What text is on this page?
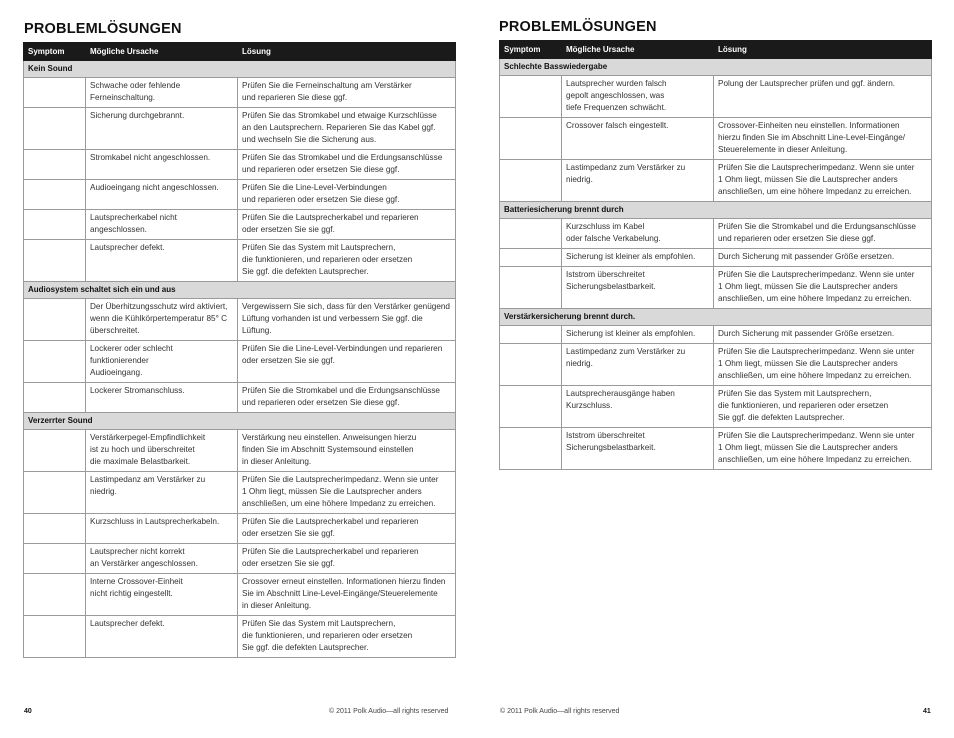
PROBLEMLÖSUNGEN
Symptom	Mögliche Ursache	Lösung
Kein Sound		
	Schwache oder fehlende
Ferneinschaltung.	Prüfen Sie die Ferneinschaltung am Verstärker
und reparieren Sie diese ggf.
	Sicherung durchgebrannt.	Prüfen Sie das Stromkabel und etwaige Kurzschlüsse
an den Lautsprechern. Reparieren Sie das Kabel ggf.
und wechseln Sie die Sicherung aus.
	Stromkabel nicht angeschlossen.	Prüfen Sie das Stromkabel und die Erdungsanschlüsse
und reparieren oder ersetzen Sie diese ggf.
	Audioeingang nicht angeschlossen.	Prüfen Sie die Line-Level-Verbindungen
und reparieren oder ersetzen Sie diese ggf.
	Lautsprecherkabel nicht angeschlossen.	Prüfen Sie die Lautsprecherkabel und reparieren
oder ersetzen Sie sie ggf.
	Lautsprecher defekt.	Prüfen Sie das System mit Lautsprechern,
die funktionieren, und reparieren oder ersetzen
Sie ggf. die defekten Lautsprecher.
Audiosystem schaltet sich ein und aus		
	Der Überhitzungsschutz wird aktiviert,
wenn die Kühlkörpertemperatur 85° C
überschreitet.	Vergewissern Sie sich, dass für den Verstärker genügend
Lüftung vorhanden ist und verbessern Sie ggf. die Lüftung.
	Lockerer oder schlecht funktionierender
Audioeingang.	Prüfen Sie die Line-Level-Verbindungen und reparieren
oder ersetzen Sie sie ggf.
	Lockerer Stromanschluss.	Prüfen Sie die Stromkabel und die Erdungsanschlüsse
und reparieren oder ersetzen Sie diese ggf.
Verzerrter Sound		
	Verstärkerpegel-Empfindlichkeit
ist zu hoch und überschreitet
die maximale Belastbarkeit.	Verstärkung neu einstellen. Anweisungen hierzu
finden Sie im Abschnitt Systemsound einstellen
in dieser Anleitung.
	Lastimpedanz am Verstärker zu niedrig.	Prüfen Sie die Lautsprecherimpedanz. Wenn sie unter
1 Ohm liegt, müssen Sie die Lautsprecher anders
anschließen, um eine höhere Impedanz zu erreichen.
	Kurzschluss in Lautsprecherkabeln.	Prüfen Sie die Lautsprecherkabel und reparieren
oder ersetzen Sie sie ggf.
	Lautsprecher nicht korrekt
an Verstärker angeschlossen.	Prüfen Sie die Lautsprecherkabel und reparieren
oder ersetzen Sie sie ggf.
	Interne Crossover-Einheit
nicht richtig eingestellt.	Crossover erneut einstellen. Informationen hierzu finden
Sie im Abschnitt Line-Level-Eingänge/Steuerelemente
in dieser Anleitung.
	Lautsprecher defekt.	Prüfen Sie das System mit Lautsprechern,
die funktionieren, und reparieren oder ersetzen
Sie ggf. die defekten Lautsprecher.
40	© 2011 Polk Audio—all rights reserved
PROBLEMLÖSUNGEN
Symptom	Mögliche Ursache	Lösung
Schlechte Basswiedergabe		
	Lautsprecher wurden falsch
gepolt angeschlossen, was
tiefe Frequenzen schwächt.	Polung der Lautsprecher prüfen und ggf. ändern.
	Crossover falsch eingestellt.	Crossover-Einheiten neu einstellen. Informationen
hierzu finden Sie im Abschnitt Line-Level-Eingänge/
Steuerelemente in dieser Anleitung.
	Lastimpedanz zum Verstärker zu niedrig.	Prüfen Sie die Lautsprecherimpedanz. Wenn sie unter
1 Ohm liegt, müssen Sie die Lautsprecher anders
anschließen, um eine höhere Impedanz zu erreichen.
Batteriesicherung brennt durch		
	Kurzschluss im Kabel
oder falsche Verkabelung.	Prüfen Sie die Stromkabel und die Erdungsanschlüsse
und reparieren oder ersetzen Sie diese ggf.
	Sicherung ist kleiner als empfohlen.	Durch Sicherung mit passender Größe ersetzen.
	Iststrom überschreitet
Sicherungsbelastbarkeit.	Prüfen Sie die Lautsprecherimpedanz. Wenn sie unter
1 Ohm liegt, müssen Sie die Lautsprecher anders
anschließen, um eine höhere Impedanz zu erreichen.
Verstärkersicherung brennt durch.		
	Sicherung ist kleiner als empfohlen.	Durch Sicherung mit passender Größe ersetzen.
	Lastimpedanz zum Verstärker zu niedrig.	Prüfen Sie die Lautsprecherimpedanz. Wenn sie unter
1 Ohm liegt, müssen Sie die Lautsprecher anders
anschließen, um eine höhere Impedanz zu erreichen.
	Lautsprecherausgänge haben
Kurzschluss.	Prüfen Sie das System mit Lautsprechern,
die funktionieren, und reparieren oder ersetzen
Sie ggf. die defekten Lautsprecher.
	Iststrom überschreitet
Sicherungsbelastbarkeit.	Prüfen Sie die Lautsprecherimpedanz. Wenn sie unter
1 Ohm liegt, müssen Sie die Lautsprecher anders
anschließen, um eine höhere Impedanz zu erreichen.
© 2011 Polk Audio—all rights reserved	41
